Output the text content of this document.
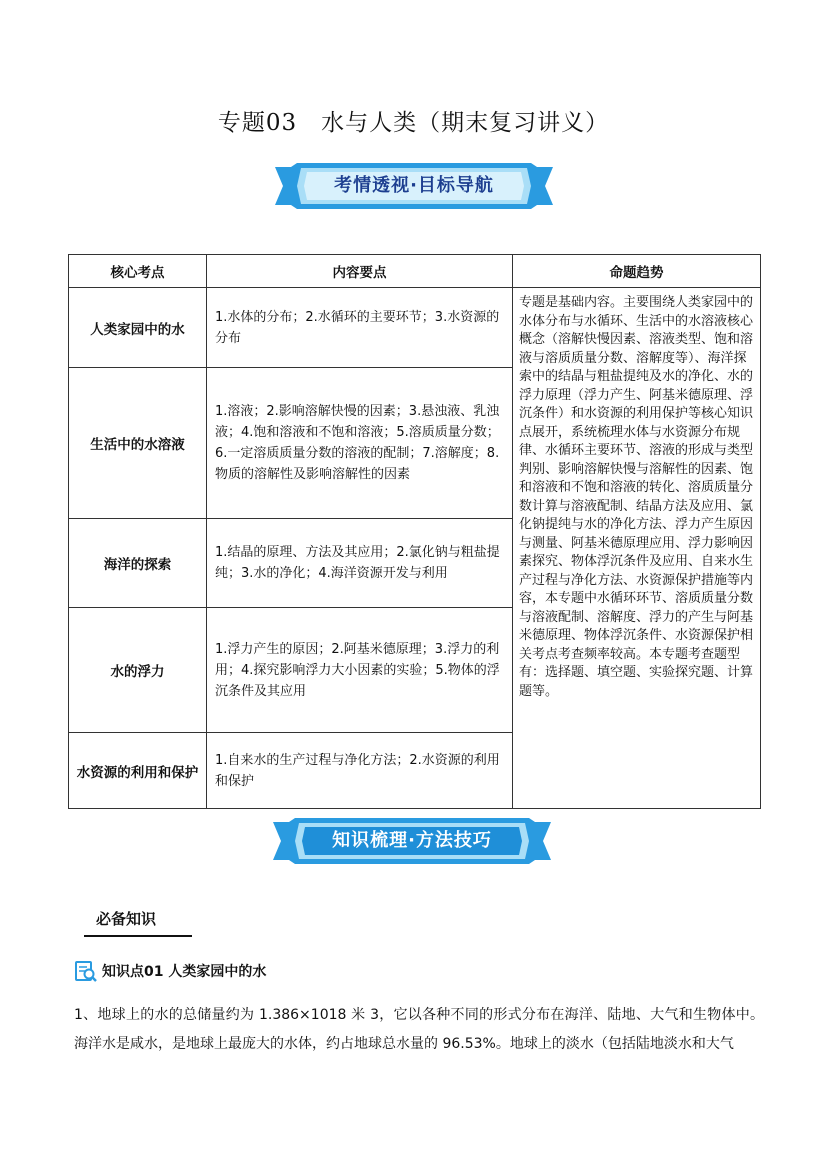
专题03　水与人类（期末复习讲义）
考情透视·目标导航
核心考点	内容要点	命题趋势
人类家园中的水	1.水体的分布；2.水循环的主要环节；3.水资源的分布	专题是基础内容。主要围绕人类家园中的水体分布与水循环、生活中的水溶液核心概念（溶解快慢因素、溶液类型、饱和溶液与溶质质量分数、溶解度等）、海洋探索中的结晶与粗盐提纯及水的净化、水的浮力原理（浮力产生、阿基米德原理、浮沉条件）和水资源的利用保护等核心知识点展开，系统梳理水体与水资源分布规律、水循环主要环节、溶液的形成与类型判别、影响溶解快慢与溶解性的因素、饱和溶液和不饱和溶液的转化、溶质质量分数计算与溶液配制、结晶方法及应用、氯化钠提纯与水的净化方法、浮力产生原因与测量、阿基米德原理应用、浮力影响因素探究、物体浮沉条件及应用、自来水生产过程与净化方法、水资源保护措施等内容，本专题中水循环环节、溶质质量分数与溶液配制、溶解度、浮力的产生与阿基米德原理、物体浮沉条件、水资源保护相关考点考查频率较高。本专题考查题型有：选择题、填空题、实验探究题、计算题等。
生活中的水溶液	1.溶液；2.影响溶解快慢的因素；3.悬浊液、乳浊液；4.饱和溶液和不饱和溶液；5.溶质质量分数；6.一定溶质质量分数的溶液的配制；7.溶解度；8.物质的溶解性及影响溶解性的因素	
海洋的探索	1.结晶的原理、方法及其应用；2.氯化钠与粗盐提纯；3.水的净化；4.海洋资源开发与利用	
水的浮力	1.浮力产生的原因；2.阿基米德原理；3.浮力的利用；4.探究影响浮力大小因素的实验；5.物体的浮沉条件及其应用	
水资源的利用和保护	1.自来水的生产过程与净化方法；2.水资源的利用和保护	
知识梳理·方法技巧
必备知识
知识点01 人类家园中的水
1、地球上的水的总储量约为 1.386×1018 米 3，它以各种不同的形式分布在海洋、陆地、大气和生物体中。海洋水是咸水，是地球上最庞大的水体，约占地球总水量的 96.53%。地球上的淡水（包括陆地淡水和大气
